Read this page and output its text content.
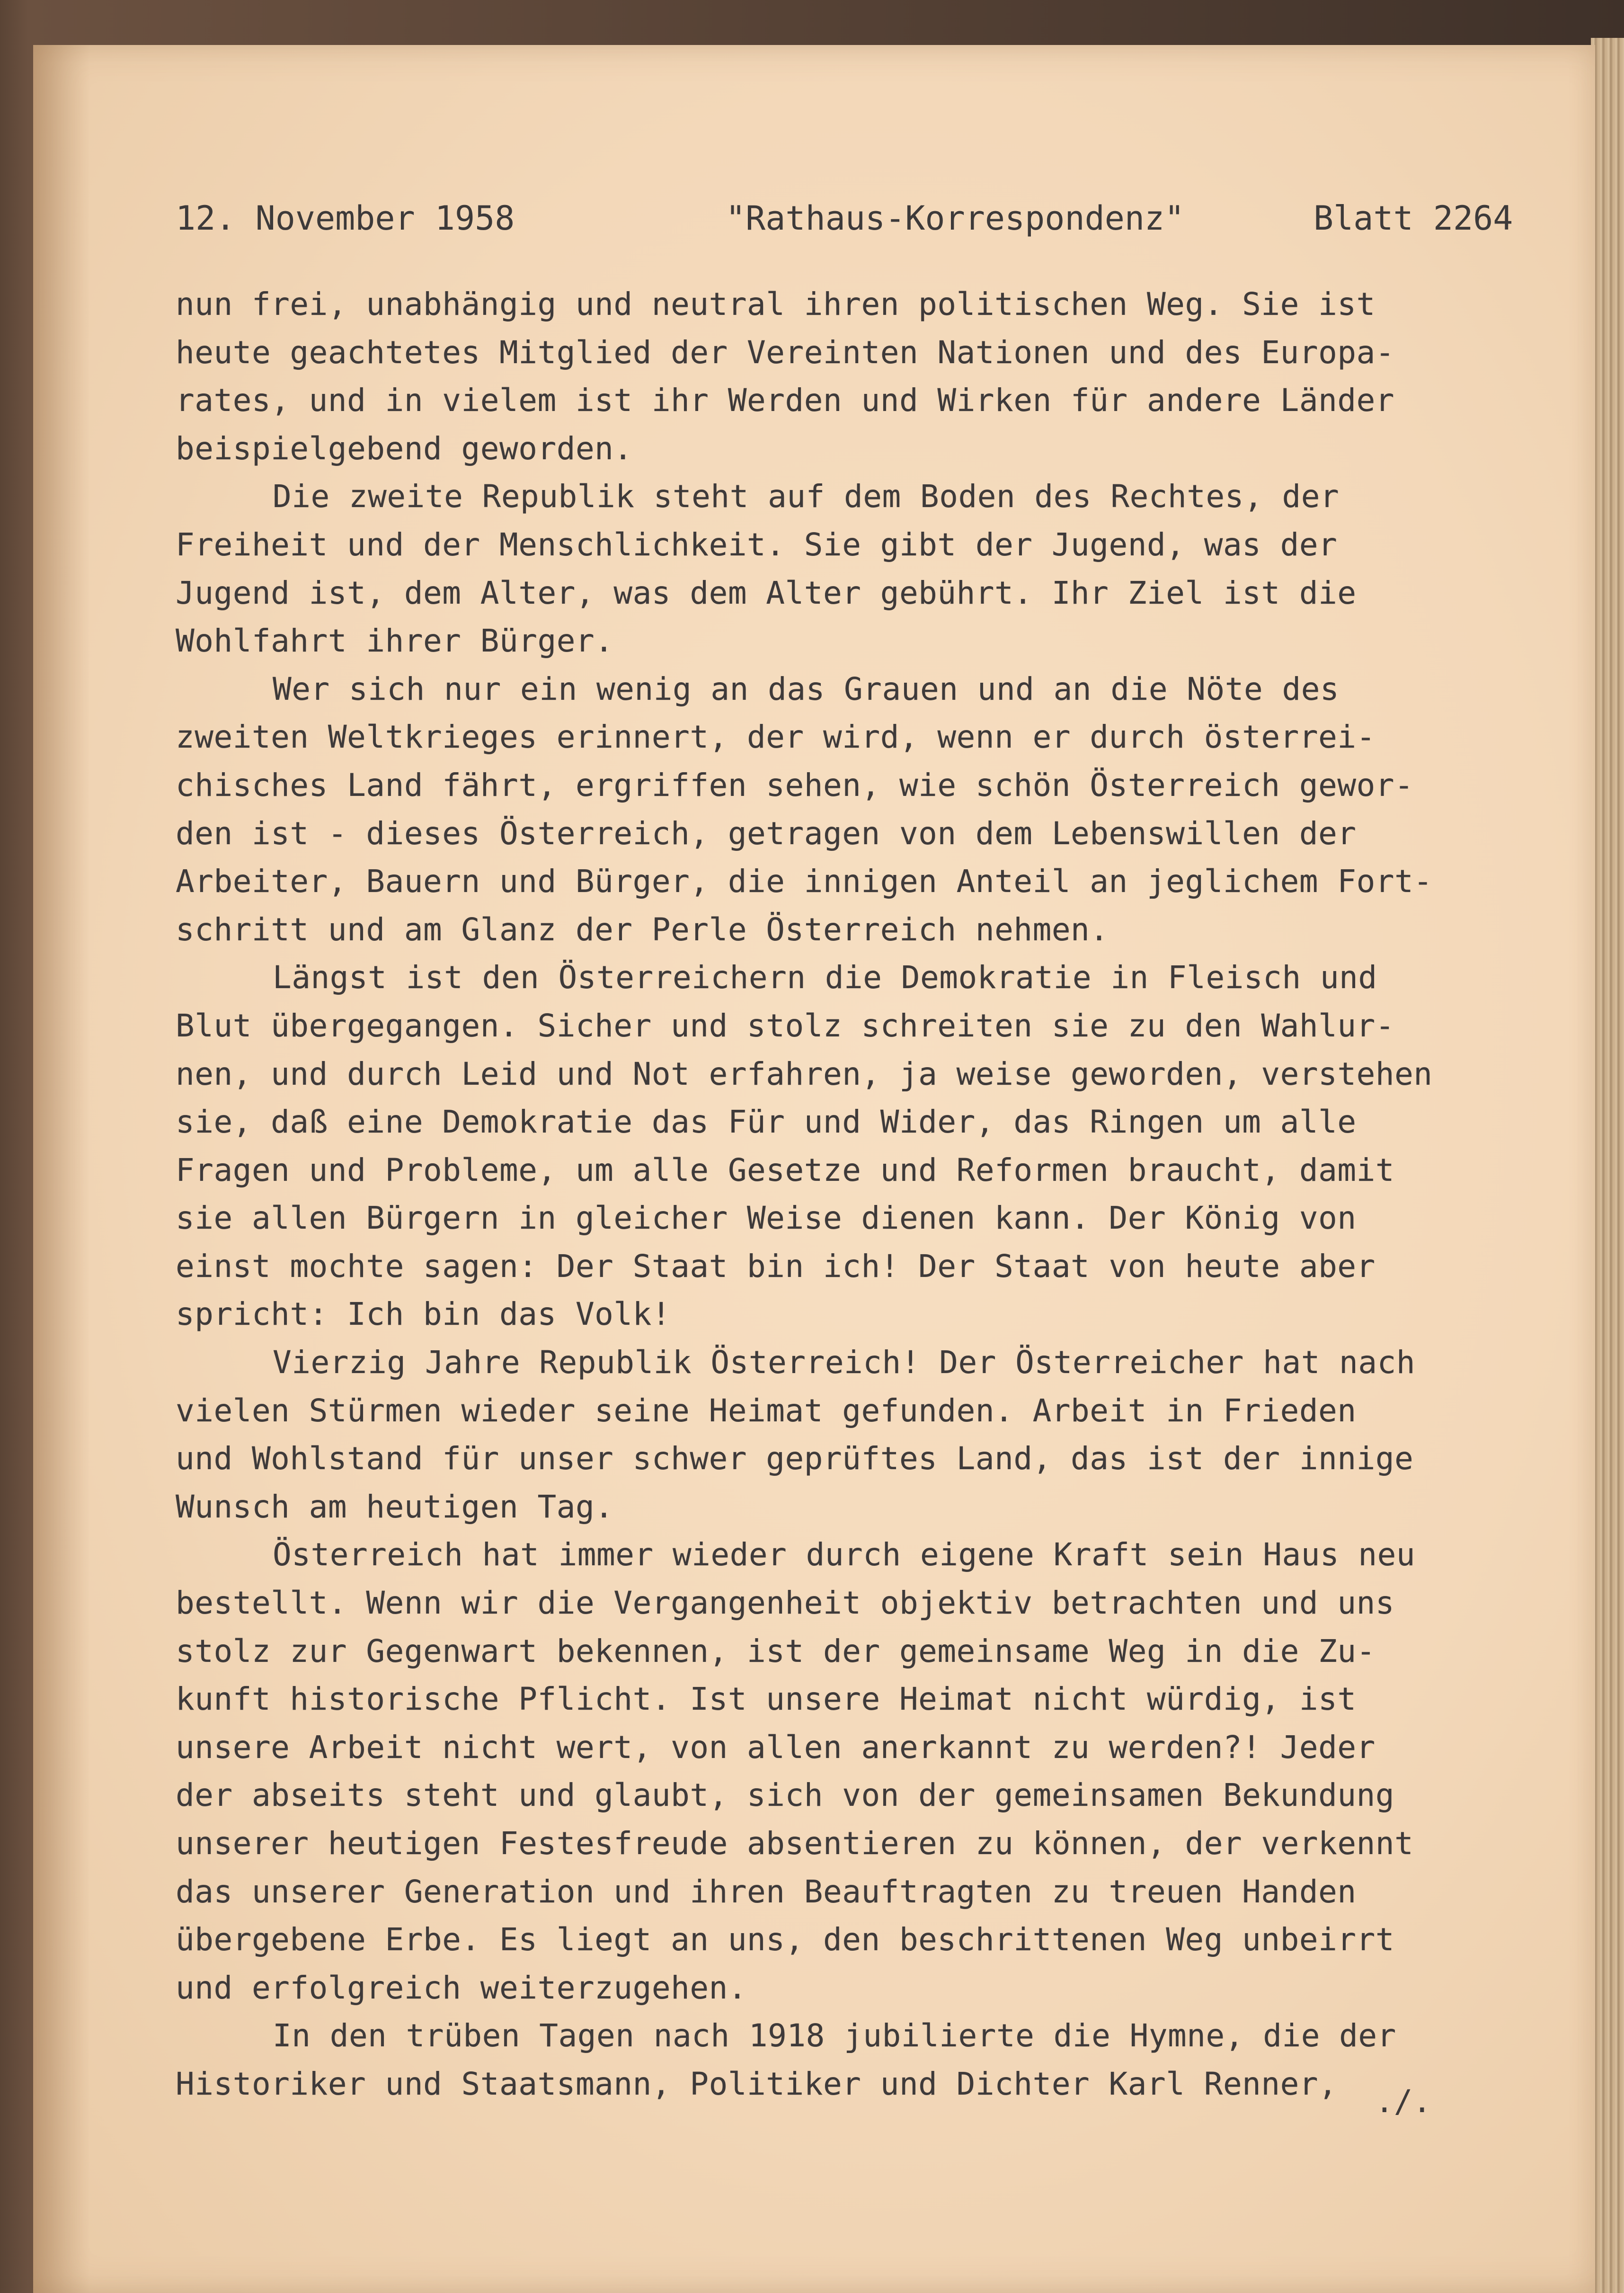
12. November 1958

	"Rathaus-Korrespondenz"

	Blatt 2264

nun frei, unabhängig und neutral ihren politischen Weg. Sie ist
heute geachtetes Mitglied der Vereinten Nationen und des Europa-
rates, und in vielem ist ihr Werden und Wirken für andere Länder
beispielgebend geworden.
Die zweite Republik steht auf dem Boden des Rechtes, der
Freiheit und der Menschlichkeit. Sie gibt der Jugend, was der
Jugend ist, dem Alter, was dem Alter gebührt. Ihr Ziel ist die
Wohlfahrt ihrer Bürger.
Wer sich nur ein wenig an das Grauen und an die Nöte des
zweiten Weltkrieges erinnert, der wird, wenn er durch österrei-
chisches Land fährt, ergriffen sehen, wie schön Österreich gewor-
den ist - dieses Österreich, getragen von dem Lebenswillen der
Arbeiter, Bauern und Bürger, die innigen Anteil an jeglichem Fort-
schritt und am Glanz der Perle Österreich nehmen.
Längst ist den Österreichern die Demokratie in Fleisch und
Blut übergegangen. Sicher und stolz schreiten sie zu den Wahlur-
nen, und durch Leid und Not erfahren, ja weise geworden, verstehen
sie, daß eine Demokratie das Für und Wider, das Ringen um alle
Fragen und Probleme, um alle Gesetze und Reformen braucht, damit
sie allen Bürgern in gleicher Weise dienen kann. Der König von
einst mochte sagen: Der Staat bin ich! Der Staat von heute aber
spricht: Ich bin das Volk!
Vierzig Jahre Republik Österreich! Der Österreicher hat nach
vielen Stürmen wieder seine Heimat gefunden. Arbeit in Frieden
und Wohlstand für unser schwer geprüftes Land, das ist der innige
Wunsch am heutigen Tag.
Österreich hat immer wieder durch eigene Kraft sein Haus neu
bestellt. Wenn wir die Vergangenheit objektiv betrachten und uns
stolz zur Gegenwart bekennen, ist der gemeinsame Weg in die Zu-
kunft historische Pflicht. Ist unsere Heimat nicht würdig, ist
unsere Arbeit nicht wert, von allen anerkannt zu werden?! Jeder
der abseits steht und glaubt, sich von der gemeinsamen Bekundung
unserer heutigen Festesfreude absentieren zu können, der verkennt
das unserer Generation und ihren Beauftragten zu treuen Handen
übergebene Erbe. Es liegt an uns, den beschrittenen Weg unbeirrt
und erfolgreich weiterzugehen.
In den trüben Tagen nach 1918 jubilierte die Hymne, die der
Historiker und Staatsmann, Politiker und Dichter Karl Renner,	./.
